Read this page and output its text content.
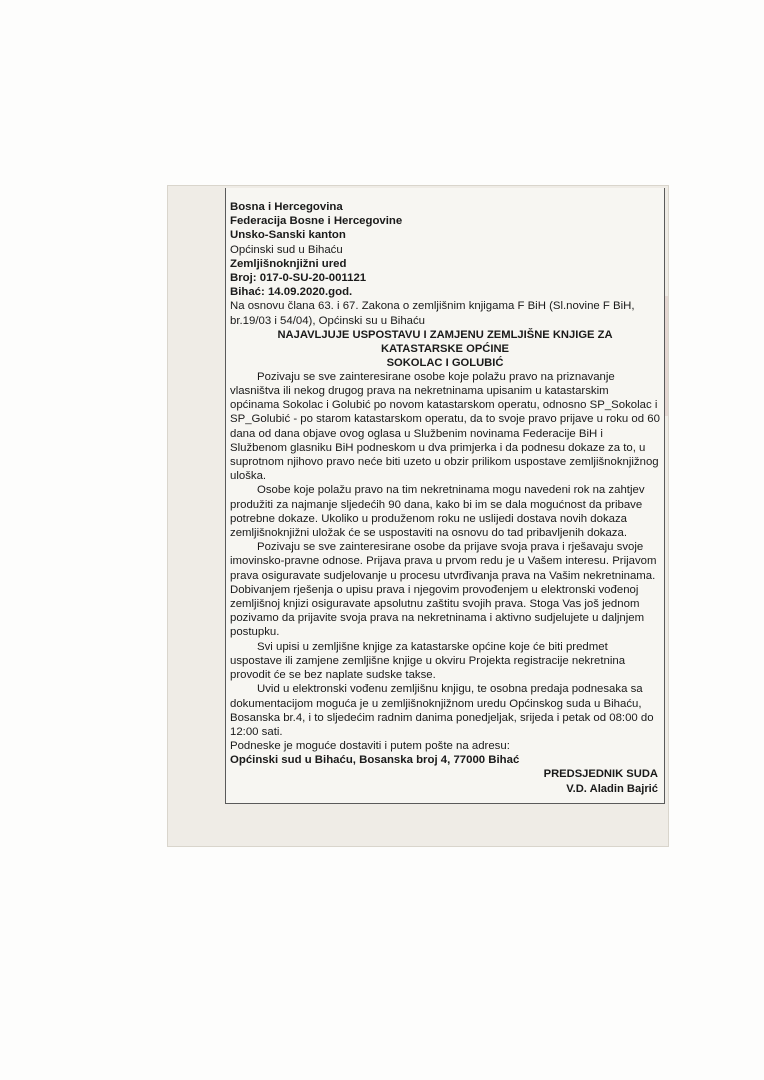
Bosna i Hercegovina
Federacija Bosne i Hercegovine
Unsko-Sanski kanton
Općinski sud u Bihaću
Zemljišnoknjižni ured
Broj: 017-0-SU-20-001121
Bihać: 14.09.2020.god.

Na osnovu člana 63. i 67. Zakona o zemljišnim knjigama F BiH (Sl.novine F BiH, br.19/03 i 54/04), Općinski su u Bihaću

NAJAVLJUJE USPOSTAVU I ZAMJENU ZEMLJIŠNE KNJIGE ZA
KATASTARSKE OPĆINE
SOKOLAC I GOLUBIĆ

Pozivaju se sve zainteresirane osobe koje polažu pravo na priznavanje vlasništva ili nekog drugog prava na nekretninama upisanim u katastarskim općinama Sokolac i Golubić po novom katastarskom operatu, odnosno SP_Sokolac i SP_Golubić - po starom katastarskom operatu, da to svoje pravo prijave u roku od 60 dana od dana objave ovog oglasa u Službenim novinama Federacije BiH i Službenom glasniku BiH podneskom u dva primjerka i da podnesu dokaze za to, u suprotnom njihovo pravo neće biti uzeto u obzir prilikom uspostave zemljišnoknjižnog uloška.

Osobe koje polažu pravo na tim nekretninama mogu navedeni rok na zahtjev produžiti za najmanje sljedećih 90 dana, kako bi im se dala mogućnost da pribave potrebne dokaze. Ukoliko u produženom roku ne uslijedi dostava novih dokaza zemljišnoknjižni uložak će se uspostaviti na osnovu do tad pribavljenih dokaza.

Pozivaju se sve zainteresirane osobe da prijave svoja prava i rješavaju svoje imovinsko-pravne odnose. Prijava prava u prvom redu je u Vašem interesu. Prijavom prava osiguravate sudjelovanje u procesu utvrđivanja prava na Vašim nekretninama. Dobivanjem rješenja o upisu prava i njegovim provođenjem u elektronski vođenoj zemljišnoj knjizi osiguravate apsolutnu zaštitu svojih prava. Stoga Vas još jednom pozivamo da prijavite svoja prava na nekretninama i aktivno sudjelujete u daljnjem postupku.

Svi upisi u zemljišne knjige za katastarske općine koje će biti predmet uspostave ili zamjene zemljišne knjige u okviru Projekta registracije nekretnina provodit će se bez naplate sudske takse.

Uvid u elektronski vođenu zemljišnu knjigu, te osobna predaja podnesaka sa dokumentacijom moguća je u zemljišnoknjižnom uredu Općinskog suda u Bihaću, Bosanska br.4, i to sljedećim radnim danima ponedjeljak, srijeda i petak od 08:00 do 12:00 sati.

Podneske je moguće dostaviti i putem pošte na adresu:

Općinski sud u Bihaću, Bosanska broj 4, 77000 Bihać

PREDSJEDNIK SUDA
V.D. Aladin Bajrić
